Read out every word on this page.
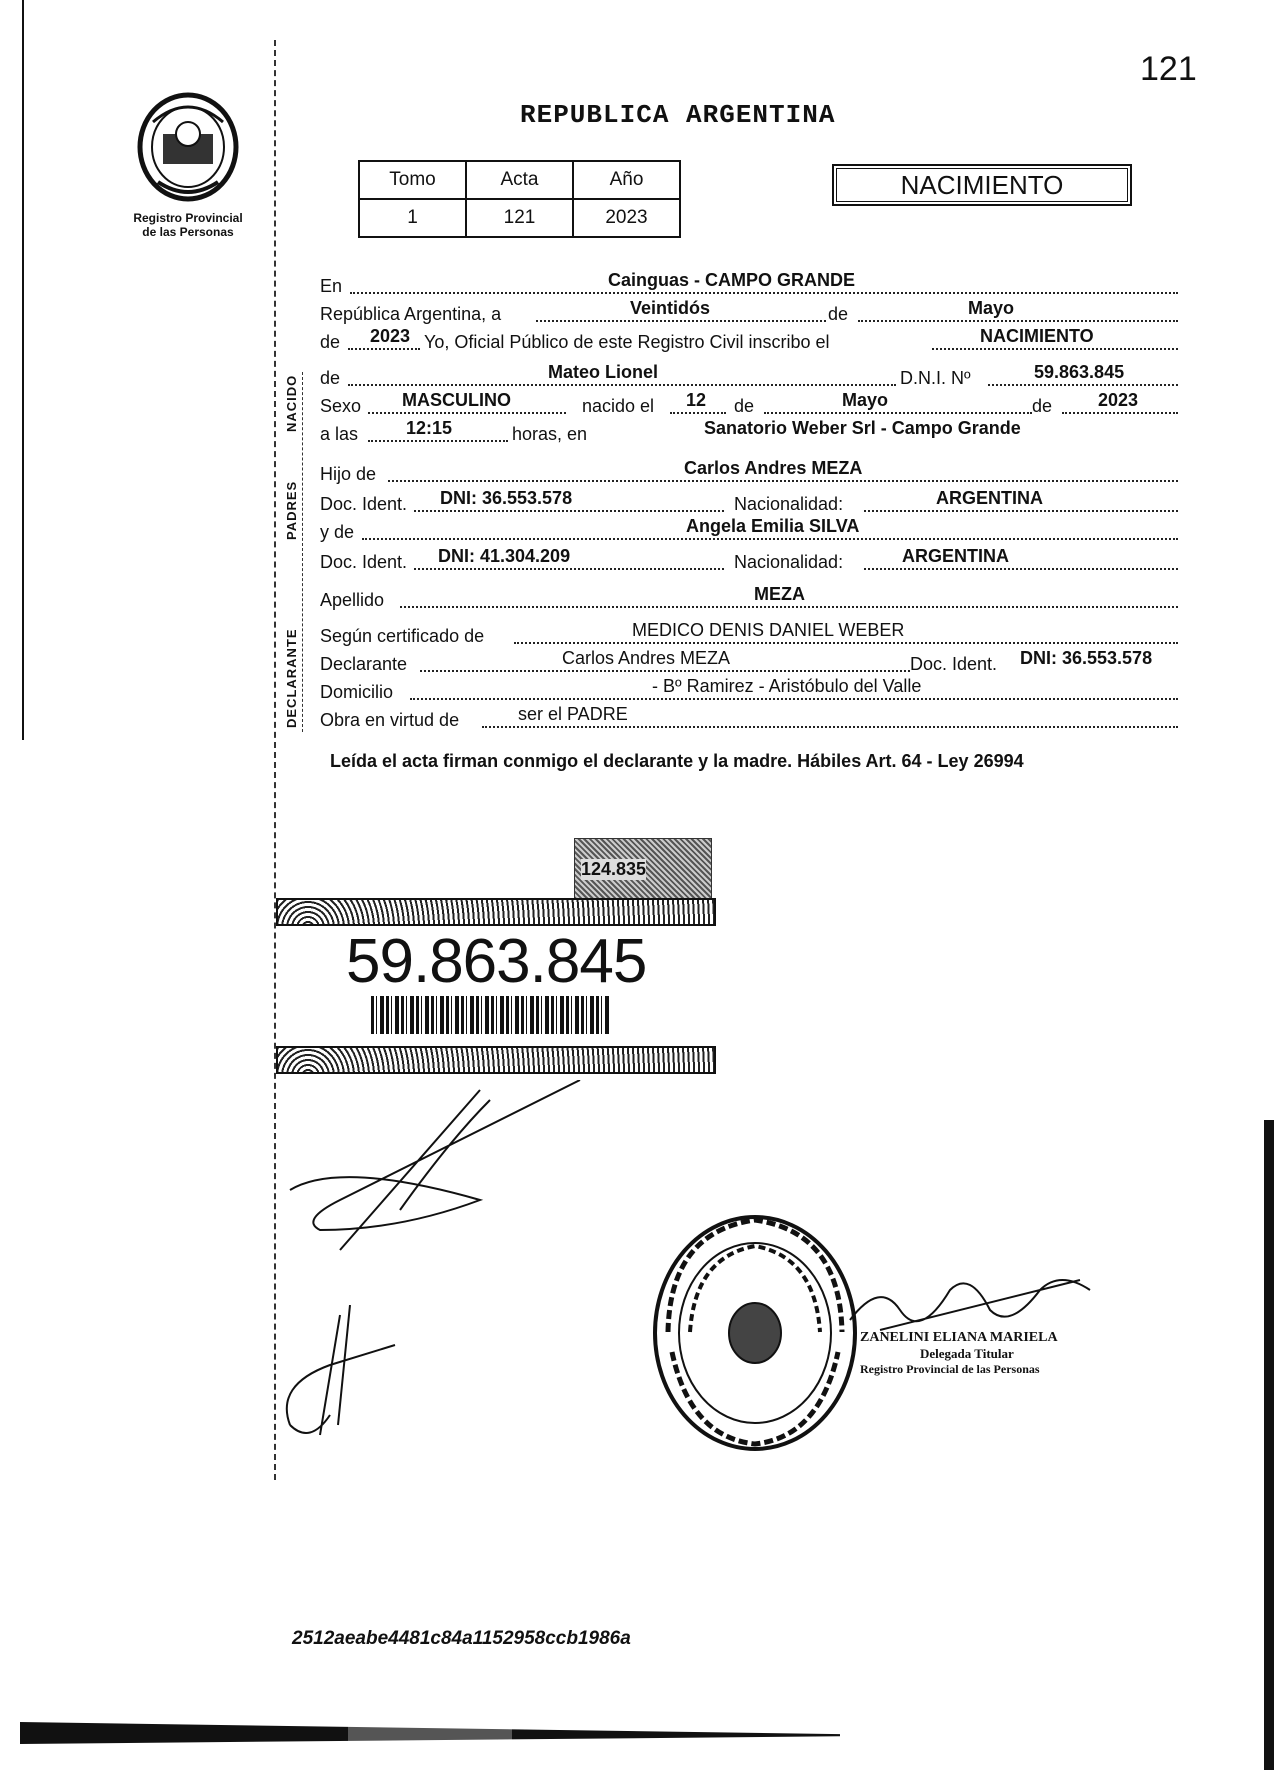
121
Registro Provincial
de las Personas
REPUBLICA ARGENTINA
Tomo	Acta	Año
1	121	2023
NACIMIENTO
NACIDO
PADRES
DECLARANTE
En	Cainguas - CAMPO GRANDE
República Argentina, a	Veintidós	de	Mayo
de 2023 Yo, Oficial Público de este Registro Civil inscribo el	NACIMIENTO
de	Mateo Lionel	D.N.I. Nº	59.863.845
Sexo MASCULINO	nacido el 12 de	Mayo	de	2023
a las	12:15	horas, en	Sanatorio Weber Srl - Campo Grande
Hijo de	Carlos Andres MEZA
Doc. Ident. DNI: 36.553.578	Nacionalidad:	ARGENTINA
y de	Angela Emilia SILVA
Doc. Ident. DNI: 41.304.209	Nacionalidad:	ARGENTINA
Apellido	MEZA
Según certificado de	MEDICO DENIS DANIEL WEBER
Declarante	Carlos Andres MEZA	Doc. Ident. DNI: 36.553.578
Domicilio	- Bº Ramirez - Aristóbulo del Valle
Obra en virtud de	ser el PADRE
Leída el acta firman conmigo el declarante y la madre. Hábiles Art. 64 - Ley 26994
124.835
59.863.845
ZANELINI ELIANA MARIELA
Delegada Titular
Registro Provincial de las Personas
2512aeabe4481c84a1152958ccb1986a
